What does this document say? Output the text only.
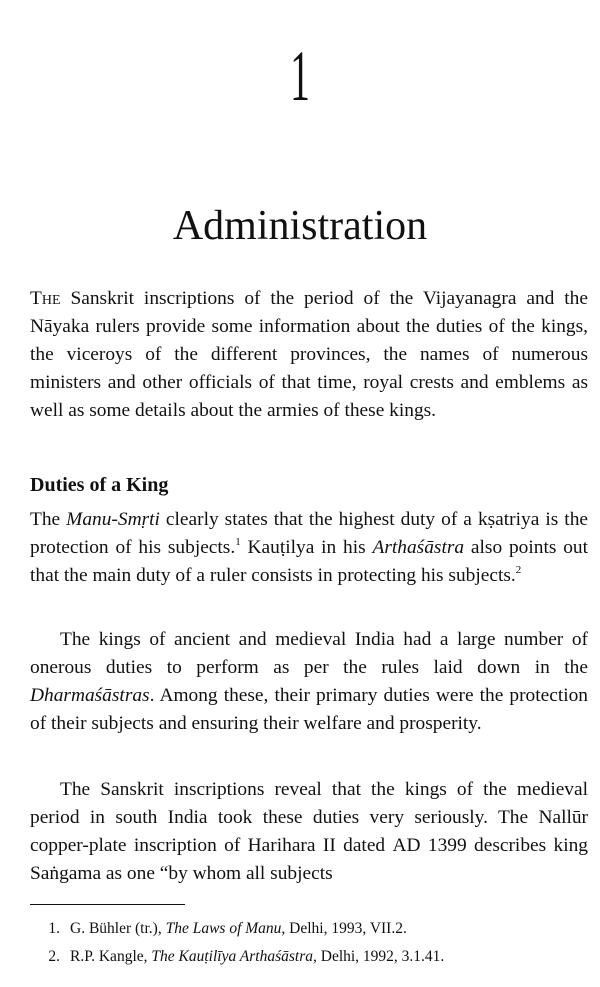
1
Administration

The Sanskrit inscriptions of the period of the Vijayanagra and the Nāyaka rulers provide some information about the duties of the kings, the viceroys of the different provinces, the names of numerous ministers and other officials of that time, royal crests and emblems as well as some details about the armies of these kings.

Duties of a King

The Manu-Smṛti clearly states that the highest duty of a kṣatriya is the protection of his subjects.$^1$ Kauṭilya in his Arthaśāstra also points out that the main duty of a ruler consists in protecting his subjects.$^2$

The kings of ancient and medieval India had a large number of onerous duties to perform as per the rules laid down in the Dharmaśāstras. Among these, their primary duties were the protection of their subjects and ensuring their welfare and prosperity.

The Sanskrit inscriptions reveal that the kings of the medieval period in south India took these duties very seriously. The Nallūr copper-plate inscription of Harihara II dated AD 1399 describes king Saṅgama as one “by whom all subjects

1. G. Bühler (tr.), The Laws of Manu, Delhi, 1993, VII.2.
2. R.P. Kangle, The Kauṭilīya Arthaśāstra, Delhi, 1992, 3.1.41.
